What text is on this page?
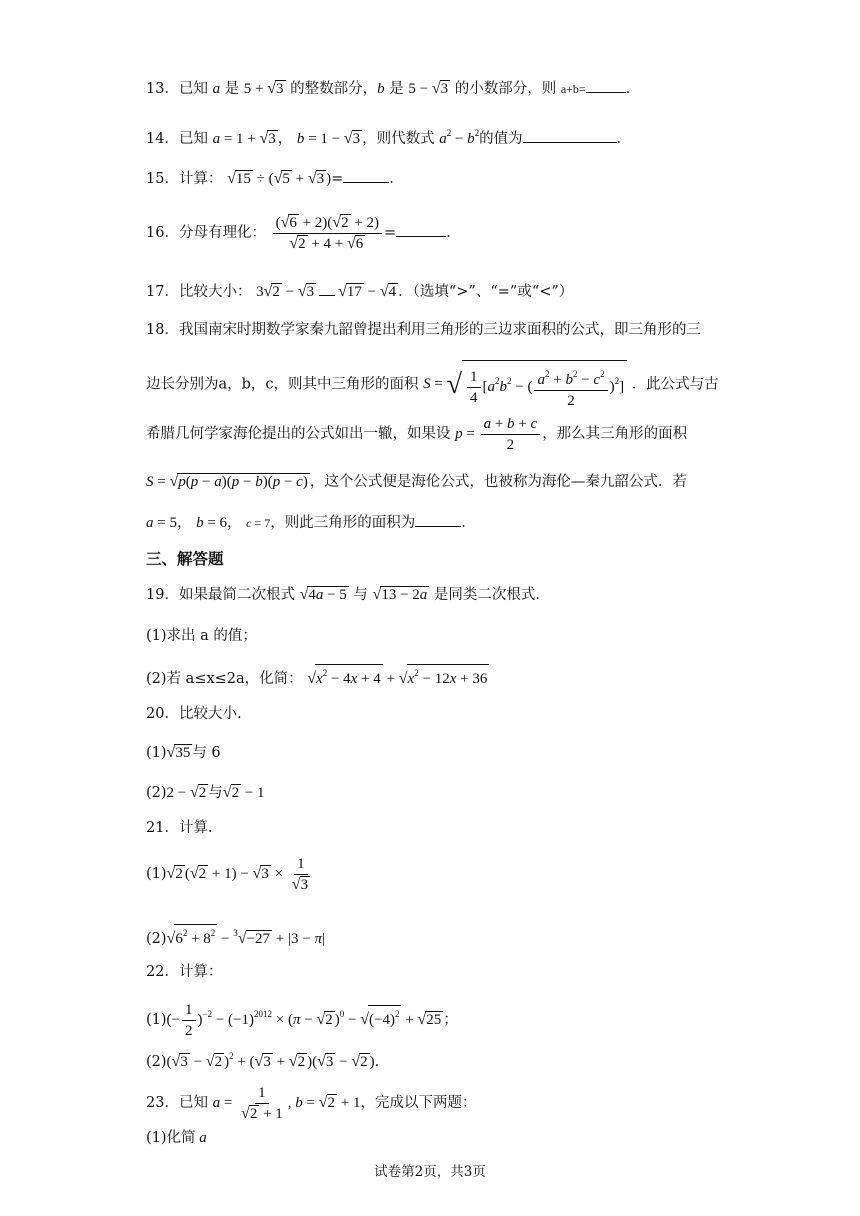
13．已知 a 是 5 + √3 的整数部分，b 是 5 − √3 的小数部分，则 a+b=	．
14．已知 a = 1 + √3 ， b = 1 − √3 ，则代数式 $a^2 - b^2$的值为	．
15．计算： √15 ÷ (√5 + √3 )=	．
16．分母有理化： $\frac{(√6 + 2)(√2 + 2)}{√2 + 4 + √6}$ =	．
17．比较大小： 3√2 − √3 √17 − √4 ．（选填“>”、“=”或“<”）
18．我国南宋时期数学家秦九韶曾提出利用三角形的三边求面积的公式，即三角形的三
边长分别为a，b，c，则其中三角形的面积 S = √ $\frac{1}{4} [a^2b^2$ − ( $\frac{a^2 + b^2 - c^2}{2} )^2$] ．此公式与古
希腊几何学家海伦提出的公式如出一辙，如果设 $p = \frac{a + b + c}{2}$ ，那么其三角形的面积
S = √p(p − a)(p − b)(p − c) ，这个公式便是海伦公式，也被称为海伦—秦九韶公式．若
a = 5， b = 6， c = 7，则此三角形的面积为	．
三、解答题
19．如果最简二次根式 √4a − 5 与 √13 − 2a 是同类二次根式．
(1)求出 a 的值；
(2)若 a≤x≤2a，化简： $√x^2 - 4x + 4 + √x^2 - 12x + 36$
20．比较大小.
(1)√35 与 6
(2)2 − √2 与√2 − 1
21．计算.
(1)√2 $(√2 + 1) - √3 \times \frac{1}{√3}$
$(2)√6^2 + 8^2 - ^3√-27 + |3 - \pi|$
22．计算：
$(1)(- \frac{1}{2} )^{-2} - (-1)^{2012} \times (\pi - √2$ )$^0 - √(-4)^2 + √25$ ；
(2)(√3 − √2 )$^2$ + (√3 + √2 )(√3 − √2 )．
23．已知 $a = \frac{1}{√2 + 1}$ , b = √2 + 1，完成以下两题：
(1)化简 a
试卷第2页，共3页
